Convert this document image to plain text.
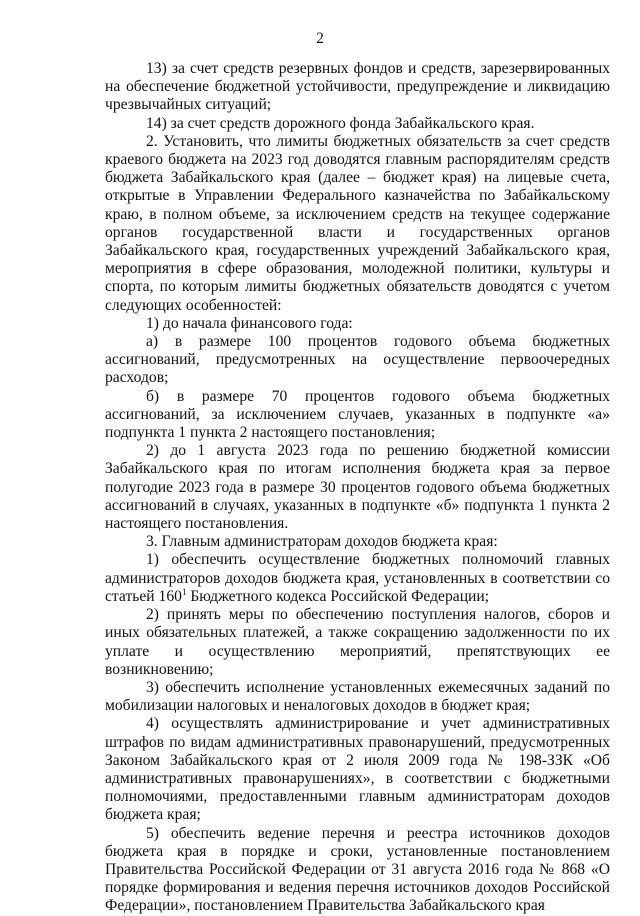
2

13) за счет средств резервных фондов и средств, зарезервированных на обеспечение бюджетной устойчивости, предупреждение и ликвидацию чрезвычайных ситуаций;

14) за счет средств дорожного фонда Забайкальского края.

2. Установить, что лимиты бюджетных обязательств за счет средств краевого бюджета на 2023 год доводятся главным распорядителям средств бюджета Забайкальского края (далее – бюджет края) на лицевые счета, открытые в Управлении Федерального казначейства по Забайкальскому краю, в полном объеме, за исключением средств на текущее содержание органов государственной власти и государственных органов Забайкальского края, государственных учреждений Забайкальского края, мероприятия в сфере образования, молодежной политики, культуры и спорта, по которым лимиты бюджетных обязательств доводятся с учетом следующих особенностей:

1) до начала финансового года:

а) в размере 100 процентов годового объема бюджетных ассигнований, предусмотренных на осуществление первоочередных расходов;

б) в размере 70 процентов годового объема бюджетных ассигнований, за исключением случаев, указанных в подпункте «а» подпункта 1 пункта 2 настоящего постановления;

2) до 1 августа 2023 года по решению бюджетной комиссии Забайкальского края по итогам исполнения бюджета края за первое полугодие 2023 года в размере 30 процентов годового объема бюджетных ассигнований в случаях, указанных в подпункте «б» подпункта 1 пункта 2 настоящего постановления.

3. Главным администраторам доходов бюджета края:

1) обеспечить осуществление бюджетных полномочий главных администраторов доходов бюджета края, установленных в соответствии со статьей $160^1$ Бюджетного кодекса Российской Федерации;

2) принять меры по обеспечению поступления налогов, сборов и иных обязательных платежей, а также сокращению задолженности по их уплате и осуществлению мероприятий, препятствующих ее возникновению;

3) обеспечить исполнение установленных ежемесячных заданий по мобилизации налоговых и неналоговых доходов в бюджет края;

4) осуществлять администрирование и учет административных штрафов по видам административных правонарушений, предусмотренных Законом Забайкальского края от 2 июля 2009 года № 198-ЗЗК «Об административных правонарушениях», в соответствии с бюджетными полномочиями, предоставленными главным администраторам доходов бюджета края;

5) обеспечить ведение перечня и реестра источников доходов бюджета края в порядке и сроки, установленные постановлением Правительства Российской Федерации от 31 августа 2016 года № 868 «О порядке формирования и ведения перечня источников доходов Российской Федерации», постановлением Правительства Забайкальского края
